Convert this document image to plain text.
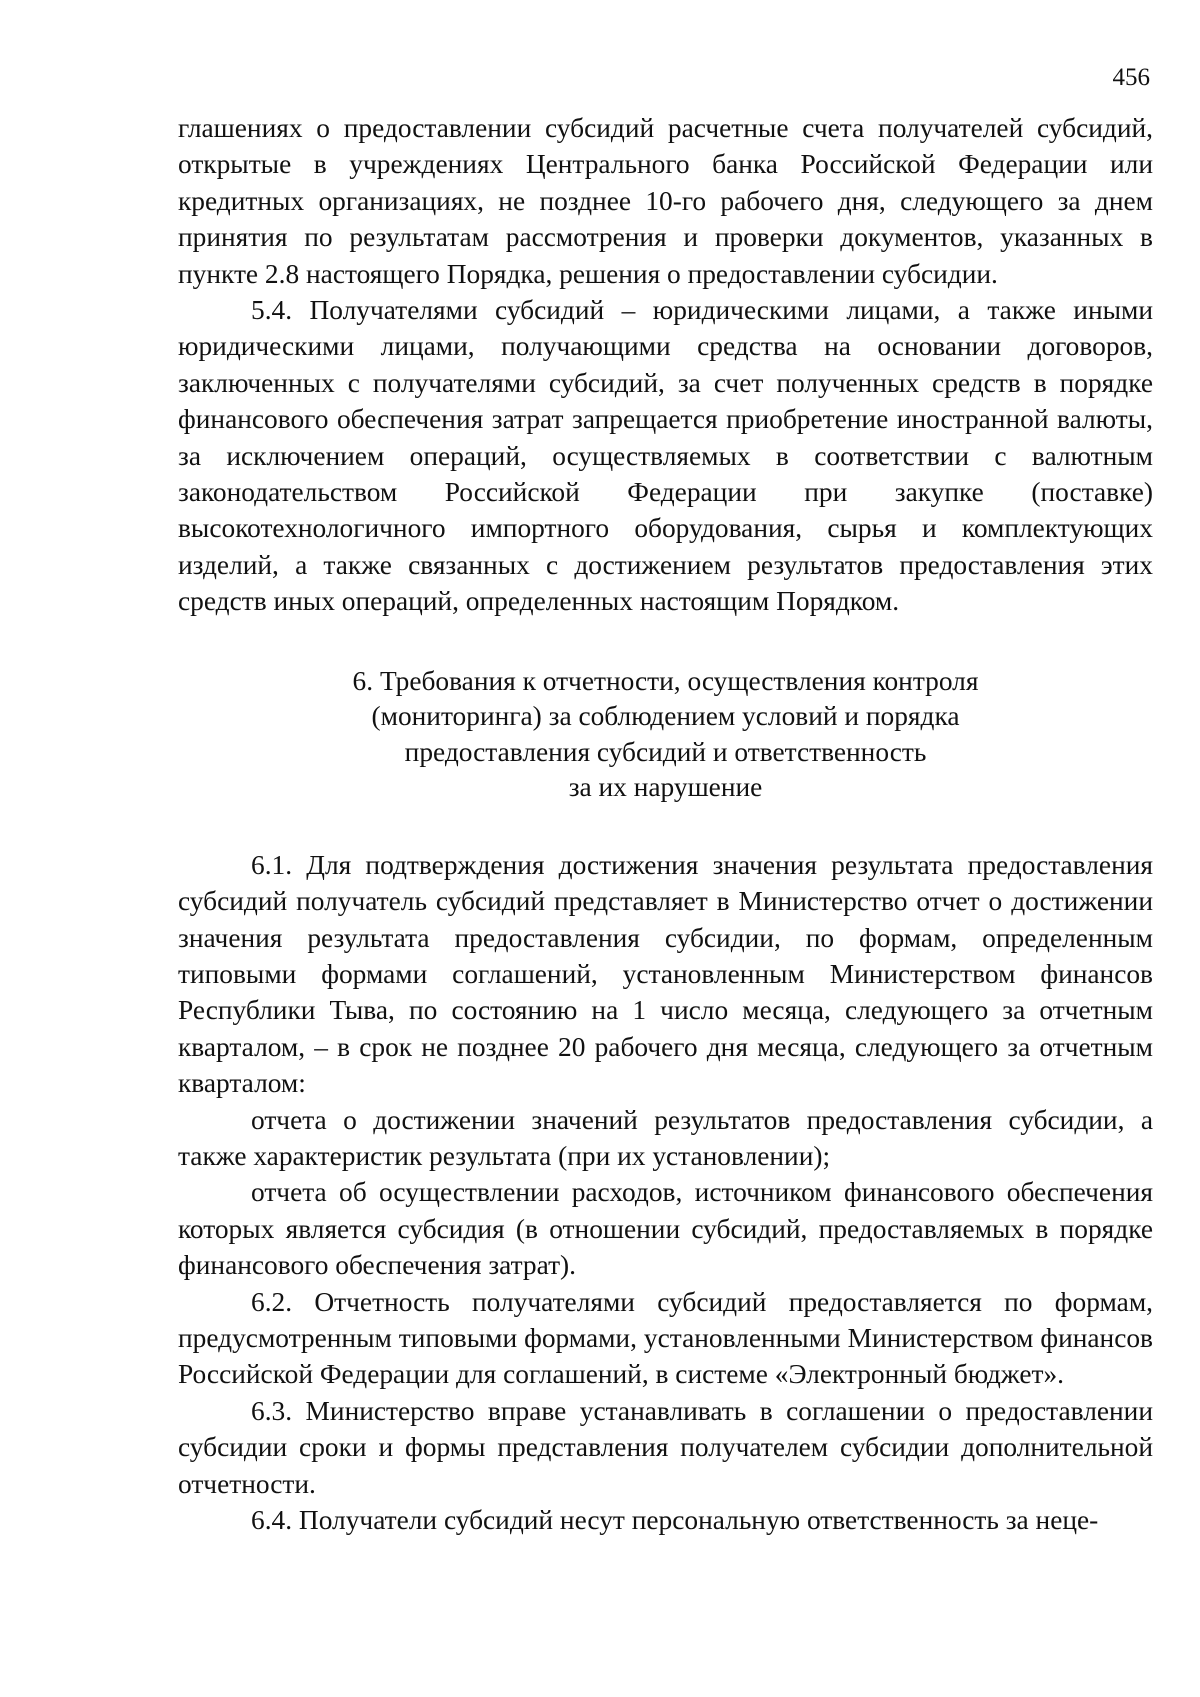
456

глашениях о предоставлении субсидий расчетные счета получателей субсидий, открытые в учреждениях Центрального банка Российской Федерации или кредитных организациях, не позднее 10-го рабочего дня, следующего за днем принятия по результатам рассмотрения и проверки документов, указанных в пункте 2.8 настоящего Порядка, решения о предоставлении субсидии.

5.4. Получателями субсидий – юридическими лицами, а также иными юридическими лицами, получающими средства на основании договоров, заключенных с получателями субсидий, за счет полученных средств в порядке финансового обеспечения затрат запрещается приобретение иностранной валюты, за исключением операций, осуществляемых в соответствии с валютным законодательством Российской Федерации при закупке (поставке) высокотехнологичного импортного оборудования, сырья и комплектующих изделий, а также связанных с достижением результатов предоставления этих средств иных операций, определенных настоящим Порядком.

6. Требования к отчетности, осуществления контроля
(мониторинга) за соблюдением условий и порядка
предоставления субсидий и ответственность
за их нарушение

6.1. Для подтверждения достижения значения результата предоставления субсидий получатель субсидий представляет в Министерство отчет о достижении значения результата предоставления субсидии, по формам, определенным типовыми формами соглашений, установленным Министерством финансов Республики Тыва, по состоянию на 1 число месяца, следующего за отчетным кварталом, – в срок не позднее 20 рабочего дня месяца, следующего за отчетным кварталом:

отчета о достижении значений результатов предоставления субсидии, а также характеристик результата (при их установлении);

отчета об осуществлении расходов, источником финансового обеспечения которых является субсидия (в отношении субсидий, предоставляемых в порядке финансового обеспечения затрат).

6.2. Отчетность получателями субсидий предоставляется по формам, предусмотренным типовыми формами, установленными Министерством финансов Российской Федерации для соглашений, в системе «Электронный бюджет».

6.3. Министерство вправе устанавливать в соглашении о предоставлении субсидии сроки и формы представления получателем субсидии дополнительной отчетности.

6.4. Получатели субсидий несут персональную ответственность за неце-
